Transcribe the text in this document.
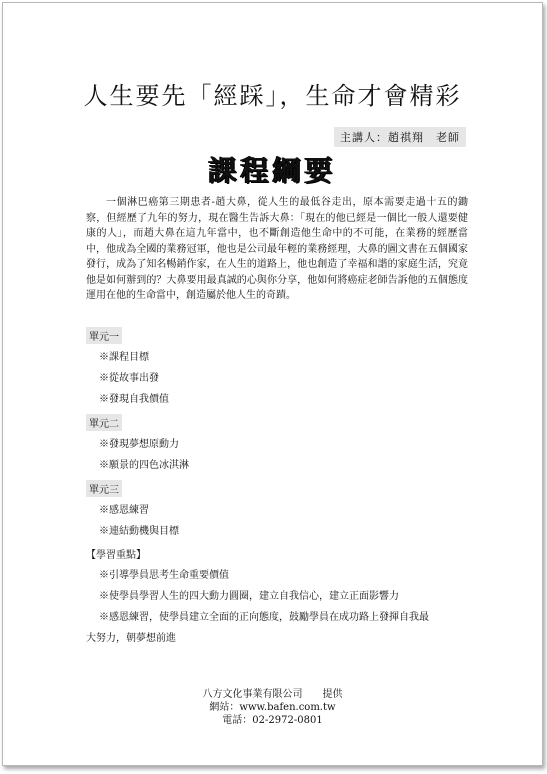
人生要先「經踩」，生命才會精彩
主講人：趙祺翔　老師
課程綱要

一個淋巴癌第三期患者-趙大鼻，從人生的最低谷走出，原本需要走過十五的鋤察，但經歷了九年的努力，現在醫生告訴大鼻：「現在的他已經是一個比一般人還要健康的人」，而趙大鼻在這九年當中，也不斷創造他生命中的不可能，在業務的經歷當中，他成為全國的業務冠軍，他也是公司最年輕的業務經理，大鼻的圖文書在五個國家發行，成為了知名暢銷作家，在人生的道路上，他也創造了幸福和諧的家庭生活，究竟他是如何辦到的？大鼻要用最真誠的心與你分享，他如何將癌症老師告訴他的五個態度運用在他的生命當中，創造屬於他人生的奇蹟。

單元一
※課程目標
※從故事出發
※發現自我價值
單元二
※發現夢想原動力
※願景的四色冰淇淋
單元三
※感恩練習
※連結動機與目標
【學習重點】
※引導學員思考生命重要價值
※使學員學習人生的四大動力圓圈，建立自我信心，建立正面影響力
※感恩練習，使學員建立全面的正向態度，鼓勵學員在成功路上發揮自我最
大努力，朝夢想前進
八方文化事業有限公司　　提供
網站：www.bafen.com.tw
電話：02-2972-0801
